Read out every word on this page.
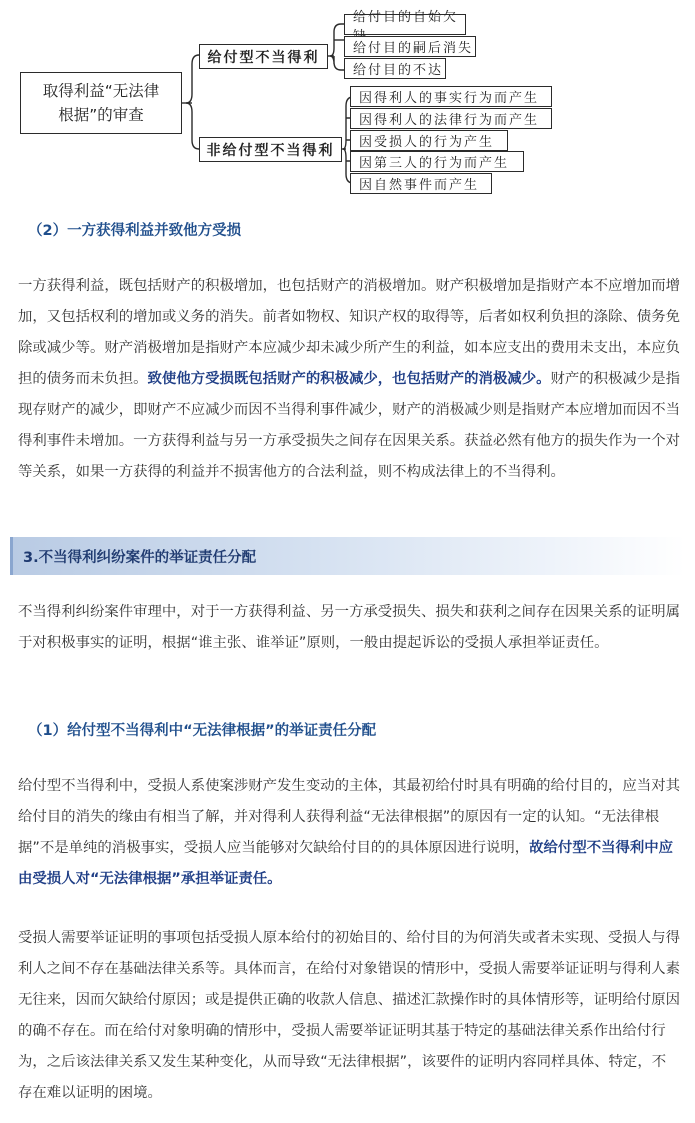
取得利益“无法律
根据”的审查
给付型不当得利
非给付型不当得利
给付目的自始欠
给付目的嗣后消失
给付目的不达
因得利人的事实行为而产生
因得利人的法律行为而产生
因受损人的行为产生
因第三人的行为而产生
因自然事件而产生
（2）一方获得利益并致他方受损

一方获得利益，既包括财产的积极增加，也包括财产的消极增加。财产积极增加是指财产本不应增加而增加，又包括权利的增加或义务的消失。前者如物权、知识产权的取得等，后者如权利负担的涤除、债务免除或减少等。财产消极增加是指财产本应减少却未减少所产生的利益，如本应支出的费用未支出，本应负担的债务而未负担。致使他方受损既包括财产的积极减少，也包括财产的消极减少。财产的积极减少是指现存财产的减少，即财产不应减少而因不当得利事件减少，财产的消极减少则是指财产本应增加而因不当得利事件未增加。一方获得利益与另一方承受损失之间存在因果关系。获益必然有他方的损失作为一个对等关系，如果一方获得的利益并不损害他方的合法利益，则不构成法律上的不当得利。

3.不当得利纠纷案件的举证责任分配

不当得利纠纷案件审理中，对于一方获得利益、另一方承受损失、损失和获利之间存在因果关系的证明属于对积极事实的证明，根据“谁主张、谁举证”原则，一般由提起诉讼的受损人承担举证责任。

（1）给付型不当得利中“无法律根据”的举证责任分配

给付型不当得利中，受损人系使案涉财产发生变动的主体，其最初给付时具有明确的给付目的，应当对其给付目的消失的缘由有相当了解，并对得利人获得利益“无法律根据”的原因有一定的认知。“无法律根据”不是单纯的消极事实，受损人应当能够对欠缺给付目的的具体原因进行说明，故给付型不当得利中应由受损人对“无法律根据”承担举证责任。

受损人需要举证证明的事项包括受损人原本给付的初始目的、给付目的为何消失或者未实现、受损人与得利人之间不存在基础法律关系等。具体而言，在给付对象错误的情形中，受损人需要举证证明与得利人素无往来，因而欠缺给付原因；或是提供正确的收款人信息、描述汇款操作时的具体情形等，证明给付原因的确不存在。而在给付对象明确的情形中，受损人需要举证证明其基于特定的基础法律关系作出给付行为，之后该法律关系又发生某种变化，从而导致“无法律根据”，该要件的证明内容同样具体、特定，不存在难以证明的困境。
